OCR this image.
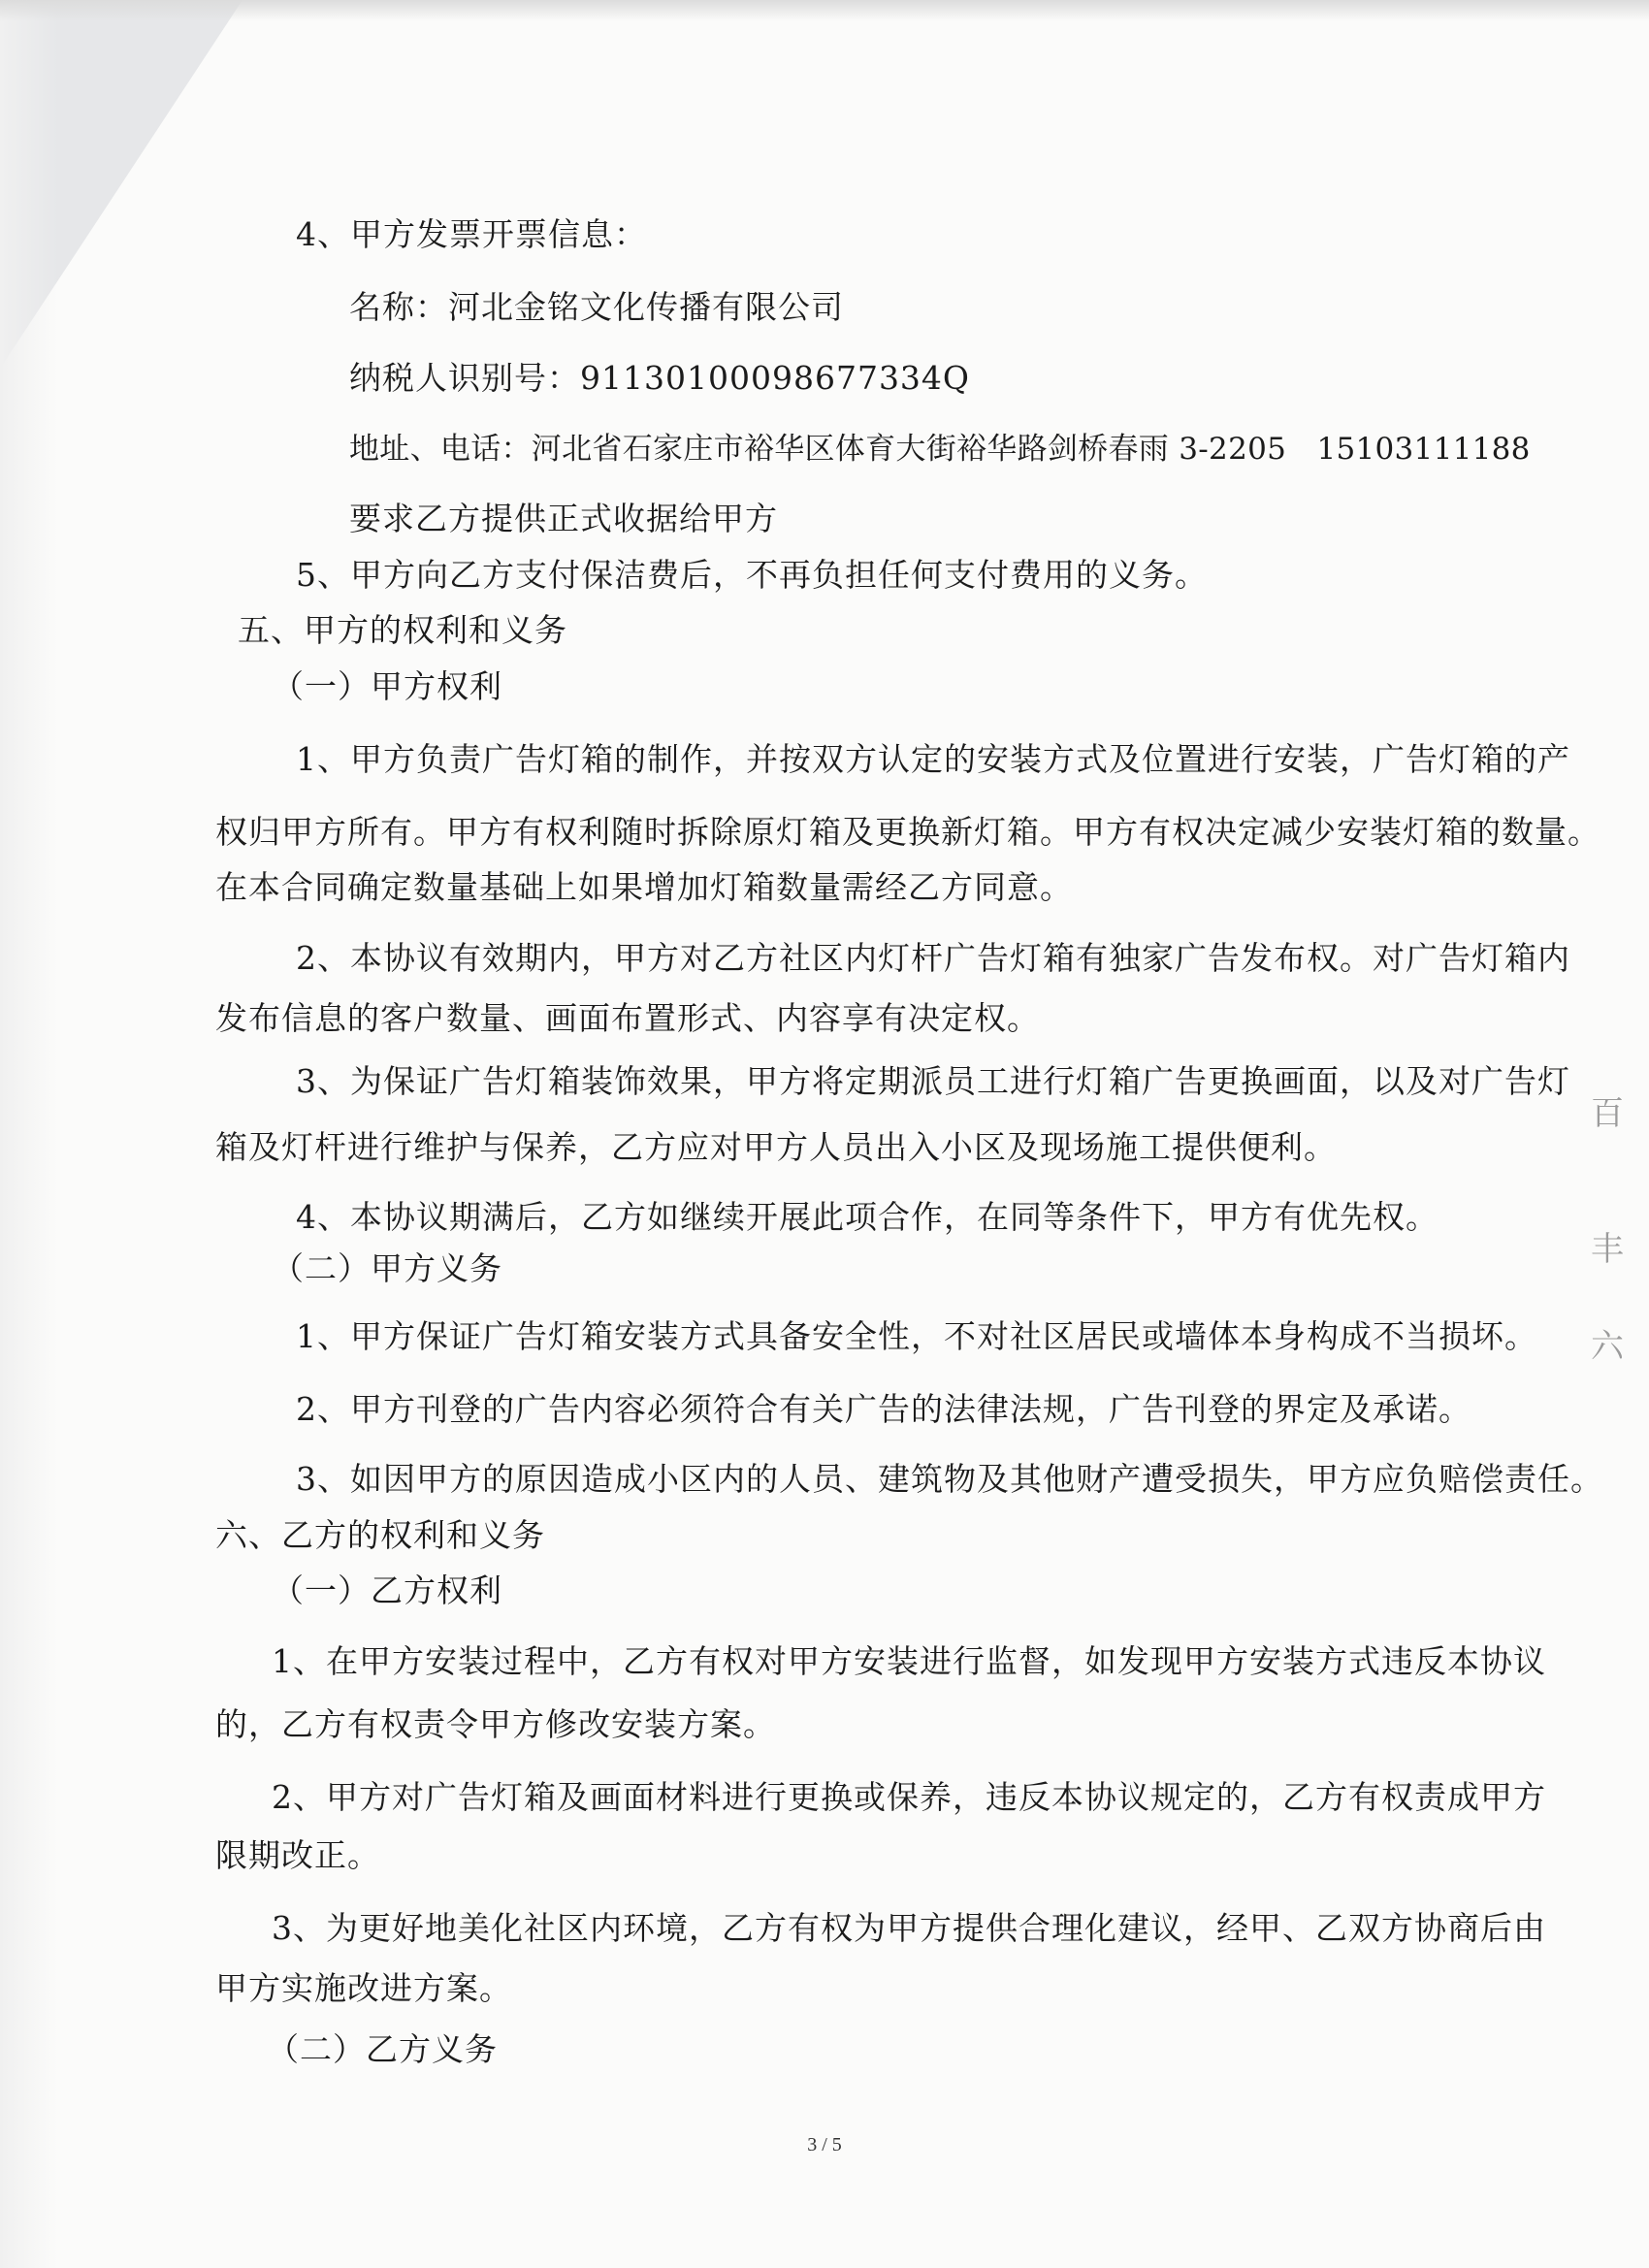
百
丰
六
4、甲方发票开票信息：
名称：河北金铭文化传播有限公司
纳税人识别号：91130100098677334Q
地址、电话：河北省石家庄市裕华区体育大街裕华路剑桥春雨 3-2205　15103111188
要求乙方提供正式收据给甲方
5、甲方向乙方支付保洁费后，不再负担任何支付费用的义务。
五、甲方的权利和义务
（一）甲方权利
1、甲方负责广告灯箱的制作，并按双方认定的安装方式及位置进行安装，广告灯箱的产
权归甲方所有。甲方有权利随时拆除原灯箱及更换新灯箱。甲方有权决定减少安装灯箱的数量。
在本合同确定数量基础上如果增加灯箱数量需经乙方同意。
2、本协议有效期内，甲方对乙方社区内灯杆广告灯箱有独家广告发布权。对广告灯箱内
发布信息的客户数量、画面布置形式、内容享有决定权。
3、为保证广告灯箱装饰效果，甲方将定期派员工进行灯箱广告更换画面，以及对广告灯
箱及灯杆进行维护与保养，乙方应对甲方人员出入小区及现场施工提供便利。
4、本协议期满后，乙方如继续开展此项合作，在同等条件下，甲方有优先权。
（二）甲方义务
1、甲方保证广告灯箱安装方式具备安全性，不对社区居民或墙体本身构成不当损坏。
2、甲方刊登的广告内容必须符合有关广告的法律法规，广告刊登的界定及承诺。
3、如因甲方的原因造成小区内的人员、建筑物及其他财产遭受损失，甲方应负赔偿责任。
六、乙方的权利和义务
（一）乙方权利
1、在甲方安装过程中，乙方有权对甲方安装进行监督，如发现甲方安装方式违反本协议
的，乙方有权责令甲方修改安装方案。
2、甲方对广告灯箱及画面材料进行更换或保养，违反本协议规定的，乙方有权责成甲方
限期改正。
3、为更好地美化社区内环境，乙方有权为甲方提供合理化建议，经甲、乙双方协商后由
甲方实施改进方案。
（二）乙方义务
3 / 5
